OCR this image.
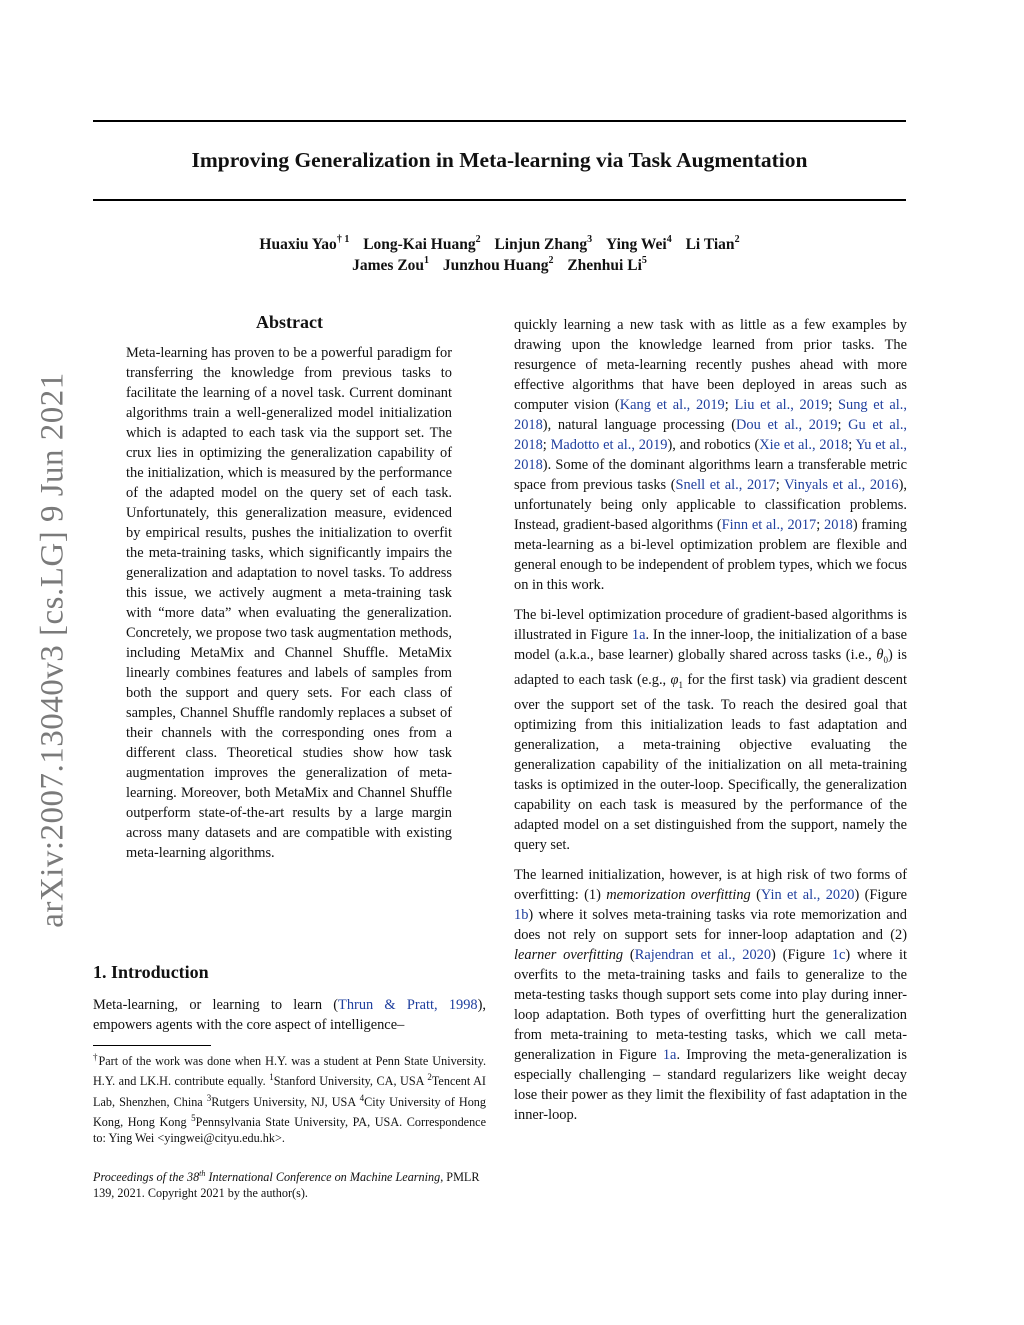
Improving Generalization in Meta-learning via Task Augmentation
Huaxiu Yao$^{\dagger 1}$ Long-Kai Huang$^2$ Linjun Zhang$^3$ Ying Wei$^4$ Li Tian$^2$
James Zou$^1$ Junzhou Huang$^2$ Zhenhui Li$^5$
arXiv:2007.13040v3 [cs.LG] 9 Jun 2021
Abstract
Meta-learning has proven to be a powerful paradigm for transferring the knowledge from previous tasks to facilitate the learning of a novel task. Current dominant algorithms train a well-generalized model initialization which is adapted to each task via the support set. The crux lies in optimizing the generalization capability of the initialization, which is measured by the performance of the adapted model on the query set of each task. Unfortunately, this generalization measure, evidenced by empirical results, pushes the initialization to overfit the meta-training tasks, which significantly impairs the generalization and adaptation to novel tasks. To address this issue, we actively augment a meta-training task with “more data” when evaluating the generalization. Concretely, we propose two task augmentation methods, including MetaMix and Channel Shuffle. MetaMix linearly combines features and labels of samples from both the support and query sets. For each class of samples, Channel Shuffle randomly replaces a subset of their channels with the corresponding ones from a different class. Theoretical studies show how task augmentation improves the generalization of meta-learning. Moreover, both MetaMix and Channel Shuffle outperform state-of-the-art results by a large margin across many datasets and are compatible with existing meta-learning algorithms.
1. Introduction
Meta-learning, or learning to learn (Thrun & Pratt, 1998), empowers agents with the core aspect of intelligence–
†Part of the work was done when H.Y. was a student at Penn State University. H.Y. and LK.H. contribute equally. $^1$Stanford University, CA, USA $^2$Tencent AI Lab, Shenzhen, China $^3$Rutgers University, NJ, USA $^4$City University of Hong Kong, Hong Kong $^5$Pennsylvania State University, PA, USA. Correspondence to: Ying Wei <yingwei@cityu.edu.hk>.
Proceedings of the 38th International Conference on Machine Learning, PMLR 139, 2021. Copyright 2021 by the author(s).

quickly learning a new task with as little as a few examples by drawing upon the knowledge learned from prior tasks. The resurgence of meta-learning recently pushes ahead with more effective algorithms that have been deployed in areas such as computer vision (Kang et al., 2019; Liu et al., 2019; Sung et al., 2018), natural language processing (Dou et al., 2019; Gu et al., 2018; Madotto et al., 2019), and robotics (Xie et al., 2018; Yu et al., 2018). Some of the dominant algorithms learn a transferable metric space from previous tasks (Snell et al., 2017; Vinyals et al., 2016), unfortunately being only applicable to classification problems. Instead, gradient-based algorithms (Finn et al., 2017; 2018) framing meta-learning as a bi-level optimization problem are flexible and general enough to be independent of problem types, which we focus on in this work.

The bi-level optimization procedure of gradient-based algorithms is illustrated in Figure 1a. In the inner-loop, the initialization of a base model (a.k.a., base learner) globally shared across tasks (i.e., $\theta_0$) is adapted to each task (e.g., $\varphi_1$ for the first task) via gradient descent over the support set of the task. To reach the desired goal that optimizing from this initialization leads to fast adaptation and generalization, a meta-training objective evaluating the generalization capability of the initialization on all meta-training tasks is optimized in the outer-loop. Specifically, the generalization capability on each task is measured by the performance of the adapted model on a set distinguished from the support, namely the query set.

The learned initialization, however, is at high risk of two forms of overfitting: (1) memorization overfitting (Yin et al., 2020) (Figure 1b) where it solves meta-training tasks via rote memorization and does not rely on support sets for inner-loop adaptation and (2) learner overfitting (Rajendran et al., 2020) (Figure 1c) where it overfits to the meta-training tasks and fails to generalize to the meta-testing tasks though support sets come into play during inner-loop adaptation. Both types of overfitting hurt the generalization from meta-training to meta-testing tasks, which we call meta-generalization in Figure 1a. Improving the meta-generalization is especially challenging – standard regularizers like weight decay lose their power as they limit the flexibility of fast adaptation in the inner-loop.
